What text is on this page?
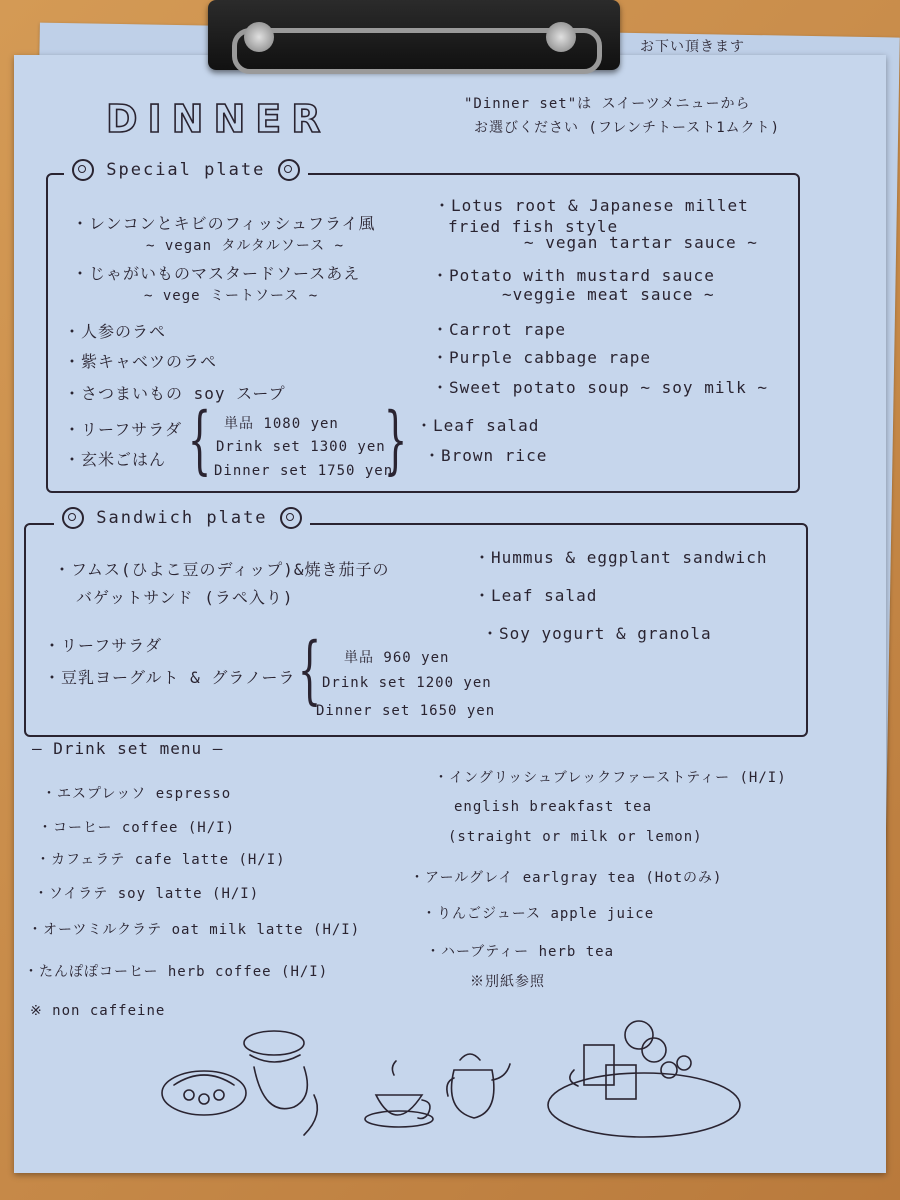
DINNER	"Dinner set"は スイーツメニューから
お選びください (フレンチトースト1ムクト)
Special plate
・レンコンとキビのフィッシュフライ風
~ vegan タルタルソース ~
・じゃがいものマスタードソースあえ
~ vege ミートソース ~
・人参のラペ
・紫キャベツのラペ
・さつまいもの soy スープ
・リーフサラダ
・玄米ごはん { 単品 1080 yen
Drink set 1300 yen
Dinner set 1750 yen
}
・Lotus root & Japanese millet
fried fish style
~ vegan tartar sauce ~
・Potato with mustard sauce
~veggie meat sauce ~
・Carrot rape
・Purple cabbage rape
・Sweet potato soup ~ soy milk ~
・Leaf salad
・Brown rice
Sandwich plate
・フムス(ひよこ豆のディップ)&焼き茄子の
バゲットサンド (ラペ入り)
・リーフサラダ
・豆乳ヨーグルト & グラノーラ { 単品 960 yen
Drink set 1200 yen
Dinner set 1650 yen
・Hummus & eggplant sandwich
・Leaf salad
・Soy yogurt & granola
— Drink set menu —
・エスプレッソ espresso
・コーヒー coffee (H/I)
・カフェラテ cafe latte (H/I)
・ソイラテ soy latte (H/I)
・オーツミルクラテ oat milk latte (H/I)
・たんぽぽコーヒー herb coffee (H/I)
※ non caffeine
・イングリッシュブレックファーストティー (H/I)
english breakfast tea
(straight or milk or lemon)
・アールグレイ earlgray tea (Hotのみ)
・りんごジュース apple juice
・ハーブティー herb tea
※別紙参照
お下い頂きます
